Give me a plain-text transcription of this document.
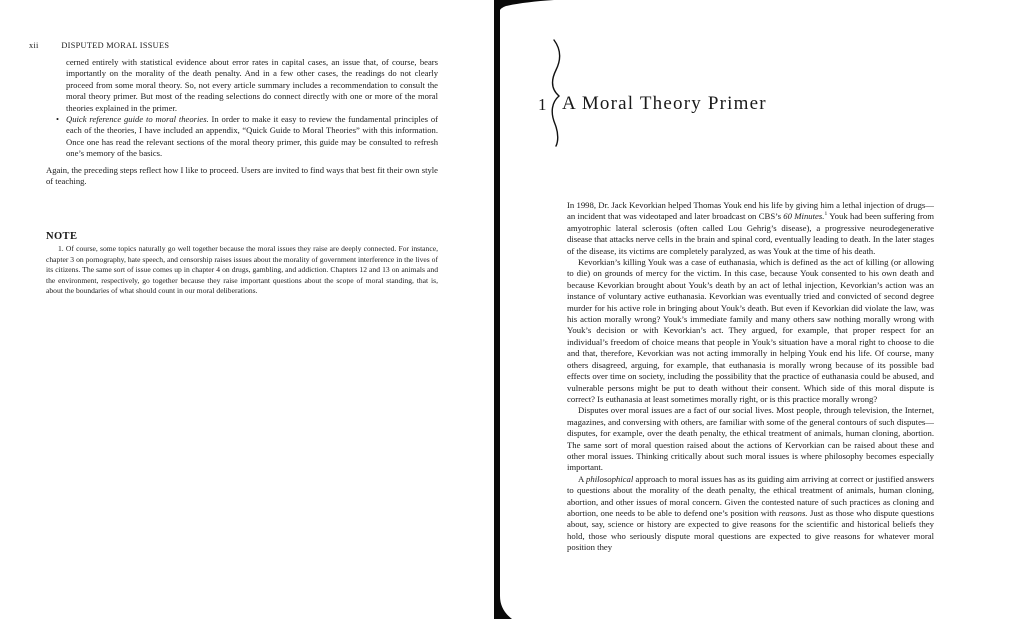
xii	DISPUTED MORAL ISSUES

cerned entirely with statistical evidence about error rates in capital cases, an issue that, of course, bears importantly on the morality of the death penalty. And in a few other cases, the readings do not clearly proceed from some moral theory. So, not every article summary includes a recommendation to consult the moral theory primer. But most of the reading selections do connect directly with one or more of the moral theories explained in the primer.

• Quick reference guide to moral theories. In order to make it easy to review the fundamental principles of each of the theories, I have included an appendix, “Quick Guide to Moral Theories” with this information. Once one has read the relevant sections of the moral theory primer, this guide may be consulted to refresh one’s memory of the basics.

Again, the preceding steps reflect how I like to proceed. Users are invited to find ways that best fit their own style of teaching.

NOTE

1. Of course, some topics naturally go well together because the moral issues they raise are deeply connected. For instance, chapter 3 on pornography, hate speech, and censorship raises issues about the morality of government interference in the lives of its citizens. The same sort of issue comes up in chapter 4 on drugs, gambling, and addiction. Chapters 12 and 13 on animals and the environment, respectively, go together because they raise important questions about the scope of moral standing, that is, about the boundaries of what should count in our moral deliberations.

1 A Moral Theory Primer

In 1998, Dr. Jack Kevorkian helped Thomas Youk end his life by giving him a lethal injection of drugs—an incident that was videotaped and later broadcast on CBS’s 60 Minutes.$^1$ Youk had been suffering from amyotrophic lateral sclerosis (often called Lou Gehrig’s disease), a progressive neurodegenerative disease that attacks nerve cells in the brain and spinal cord, eventually leading to death. In the later stages of the disease, its victims are completely paralyzed, as was Youk at the time of his death.

Kevorkian’s killing Youk was a case of euthanasia, which is defined as the act of killing (or allowing to die) on grounds of mercy for the victim. In this case, because Youk consented to his own death and because Kevorkian brought about Youk’s death by an act of lethal injection, Kevorkian’s action was an instance of voluntary active euthanasia. Kevorkian was eventually tried and convicted of second degree murder for his active role in bringing about Youk’s death. But even if Kevorkian did violate the law, was his action morally wrong? Youk’s immediate family and many others saw nothing morally wrong with Youk’s decision or with Kevorkian’s act. They argued, for example, that proper respect for an individual’s freedom of choice means that people in Youk’s situation have a moral right to choose to die and that, therefore, Kevorkian was not acting immorally in helping Youk end his life. Of course, many others disagreed, arguing, for example, that euthanasia is morally wrong because of its possible bad effects over time on society, including the possibility that the practice of euthanasia could be abused, and vulnerable persons might be put to death without their consent. Which side of this moral dispute is correct? Is euthanasia at least sometimes morally right, or is this practice morally wrong?

Disputes over moral issues are a fact of our social lives. Most people, through television, the Internet, magazines, and conversing with others, are familiar with some of the general contours of such disputes—disputes, for example, over the death penalty, the ethical treatment of animals, human cloning, abortion. The same sort of moral question raised about the actions of Kervorkian can be raised about these and other moral issues. Thinking critically about such moral issues is where philosophy becomes especially important.

A philosophical approach to moral issues has as its guiding aim arriving at correct or justified answers to questions about the morality of the death penalty, the ethical treatment of animals, human cloning, abortion, and other issues of moral concern. Given the contested nature of such practices as cloning and abortion, one needs to be able to defend one’s position with reasons. Just as those who dispute questions about, say, science or history are expected to give reasons for the scientific and historical beliefs they hold, those who seriously dispute moral questions are expected to give reasons for whatever moral position they
